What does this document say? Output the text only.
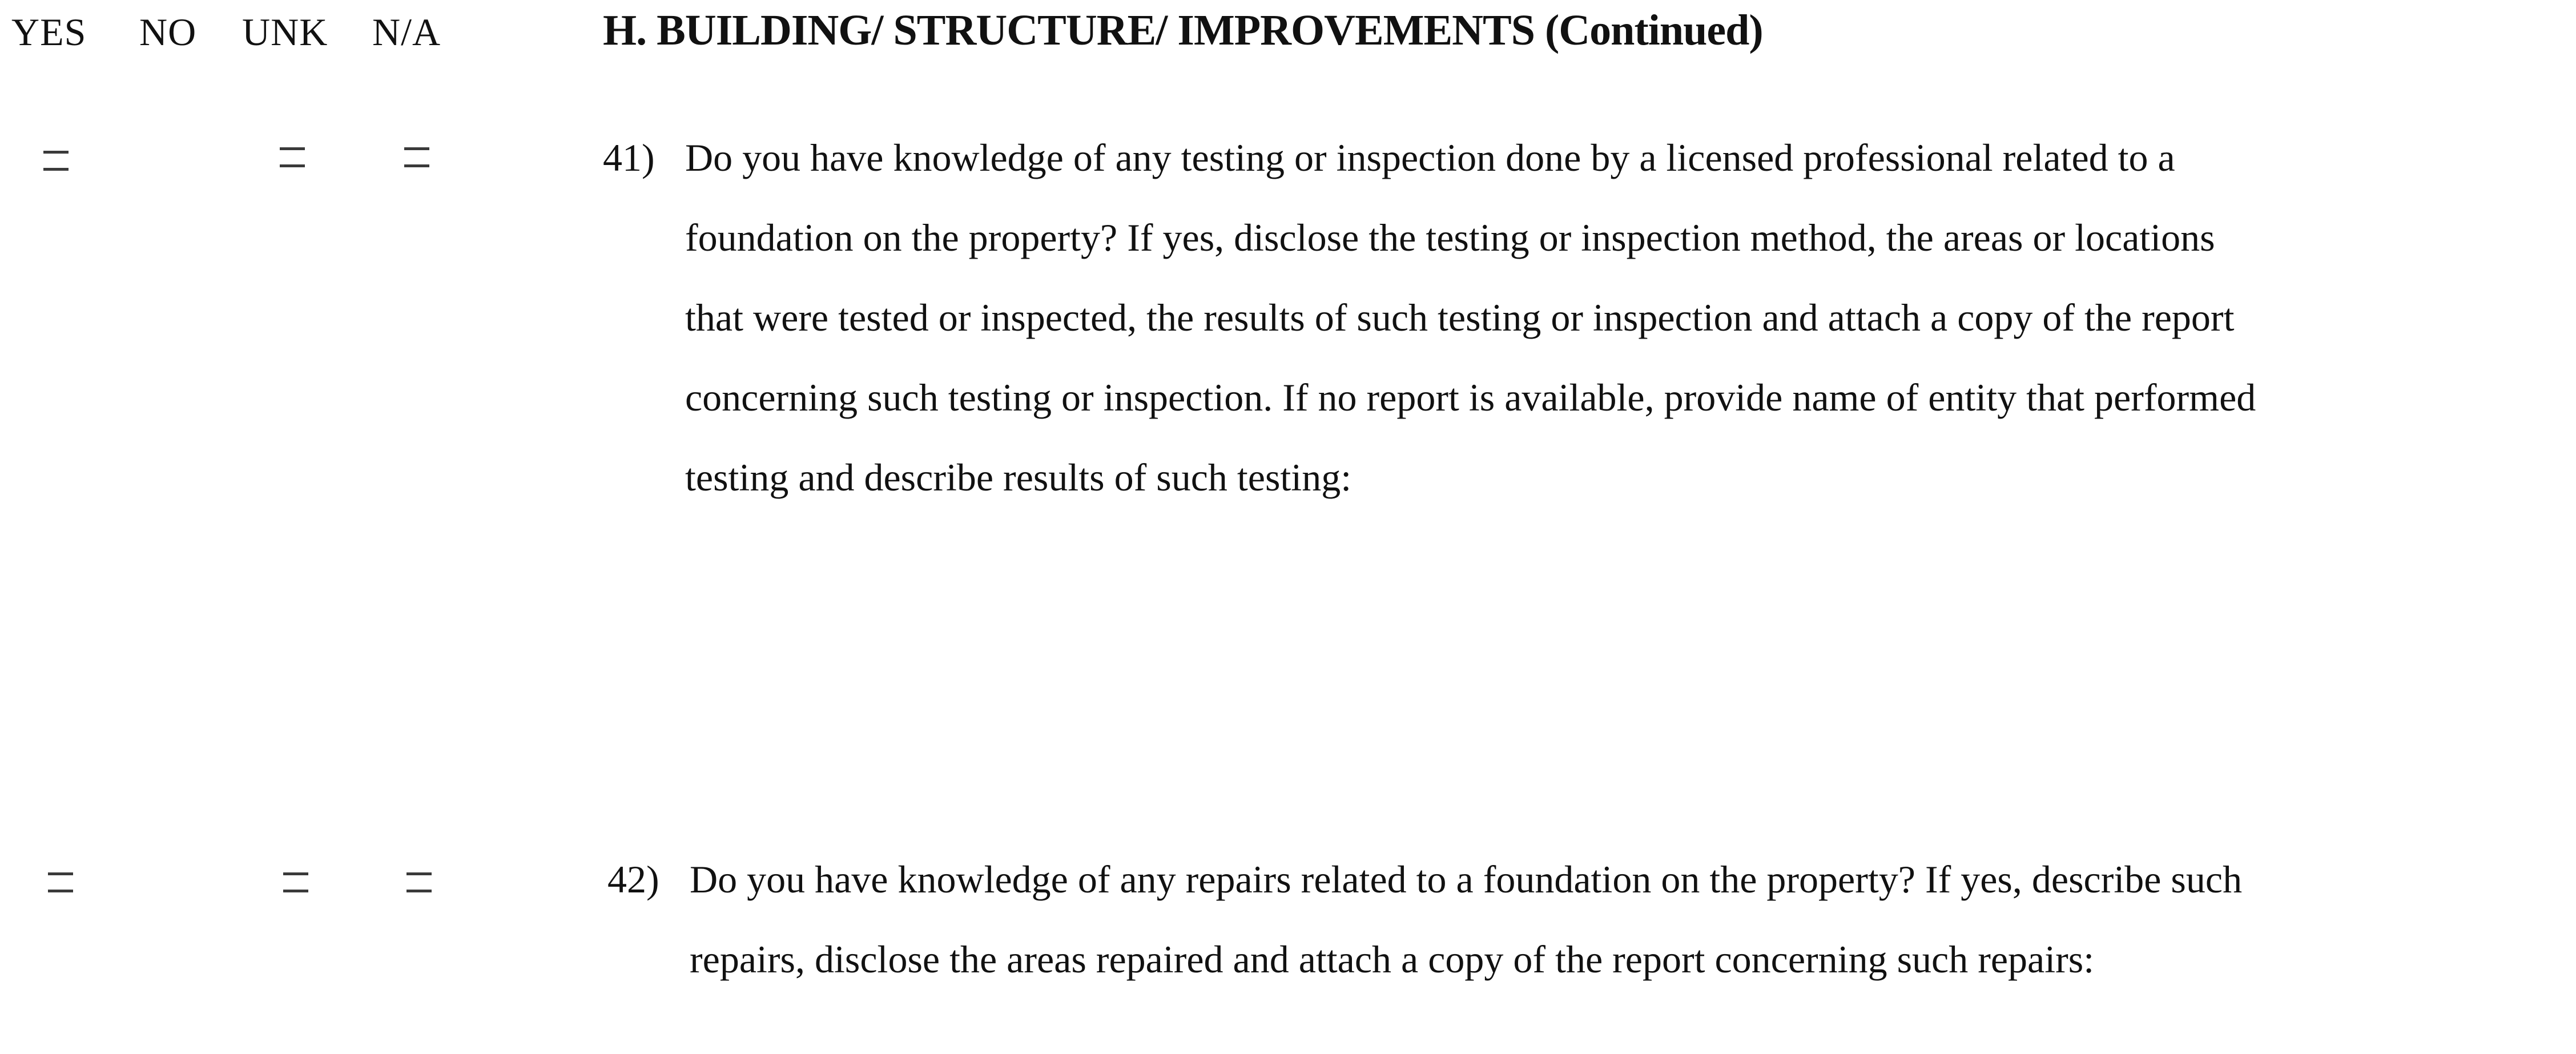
YES NO UNK N/A	H. BUILDING/ STRUCTURE/ IMPROVEMENTS (Continued)
41) Do you have knowledge of any testing or inspection done by a licensed professional related to a
foundation on the property? If yes, disclose the testing or inspection method, the areas or locations
that were tested or inspected, the results of such testing or inspection and attach a copy of the report
concerning such testing or inspection. If no report is available, provide name of entity that performed
testing and describe results of such testing:
42) Do you have knowledge of any repairs related to a foundation on the property? If yes, describe such
repairs, disclose the areas repaired and attach a copy of the report concerning such repairs:
